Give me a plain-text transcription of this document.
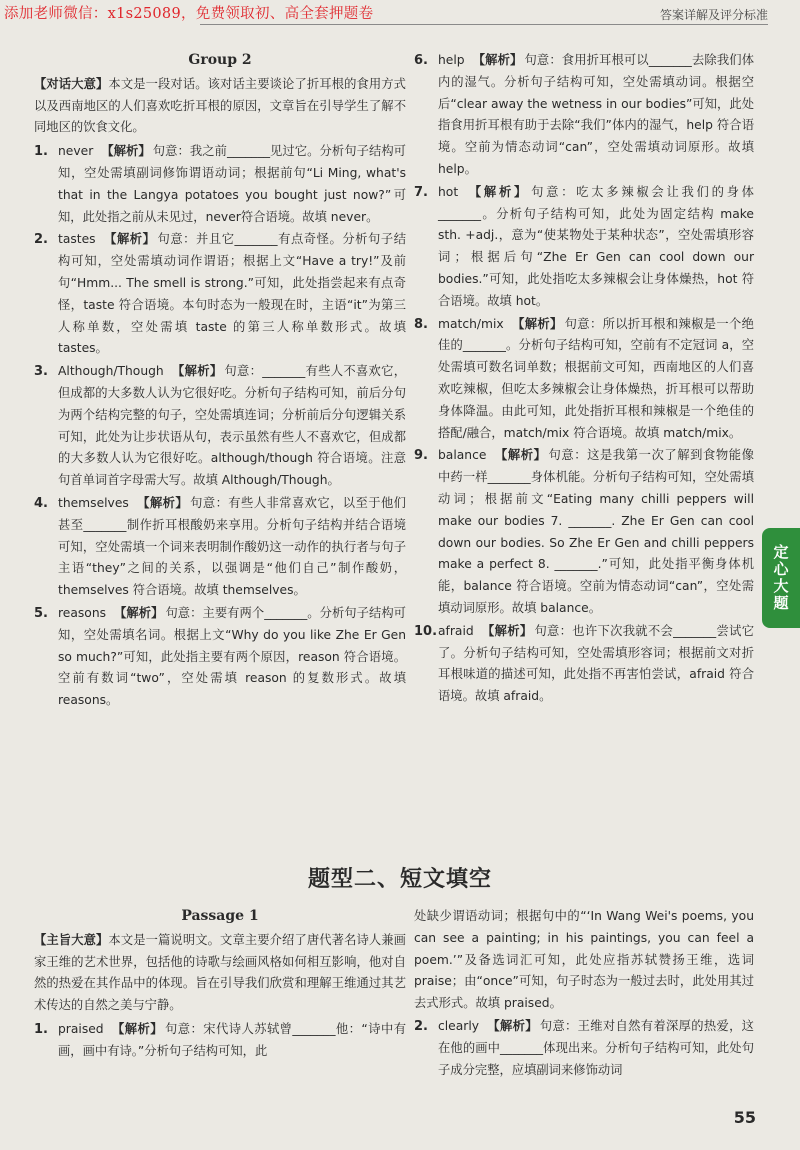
添加老师微信：x1s25089，免费领取初、高全套押题卷	答案详解及评分标准
Group 2
【对话大意】本文是一段对话。该对话主要谈论了折耳根的食用方式以及西南地区的人们喜欢吃折耳根的原因，文章旨在引导学生了解不同地区的饮食文化。
1. never 【解析】 句意：我之前_______见过它。分析句子结构可知，空处需填副词修饰谓语动词；根据前句“Li Ming, what's that in the Langya potatoes you bought just now?”可知，此处指之前从未见过，never符合语境。故填 never。
2. tastes 【解析】 句意：并且它_______有点奇怪。分析句子结构可知，空处需填动词作谓语；根据上文“Have a try!”及前句“Hmm... The smell is strong.”可知，此处指尝起来有点奇怪，taste 符合语境。本句时态为一般现在时，主语“it”为第三人称单数，空处需填 taste 的第三人称单数形式。故填 tastes。
3. Although/Though 【解析】 句意：_______有些人不喜欢它，但成都的大多数人认为它很好吃。分析句子结构可知，前后分句为两个结构完整的句子，空处需填连词；分析前后分句逻辑关系可知，此处为让步状语从句，表示虽然有些人不喜欢它，但成都的大多数人认为它很好吃。although/though 符合语境。注意句首单词首字母需大写。故填 Although/Though。
4. themselves 【解析】 句意：有些人非常喜欢它，以至于他们甚至_______制作折耳根酸奶来享用。分析句子结构并结合语境可知，空处需填一个词来表明制作酸奶这一动作的执行者与句子主语“they”之间的关系，以强调是“他们自己”制作酸奶，themselves 符合语境。故填 themselves。
5. reasons 【解析】 句意：主要有两个_______。分析句子结构可知，空处需填名词。根据上文“Why do you like Zhe Er Gen so much?”可知，此处指主要有两个原因，reason 符合语境。空前有数词“two”，空处需填 reason 的复数形式。故填 reasons。
6. help 【解析】 句意：食用折耳根可以_______去除我们体内的湿气。分析句子结构可知，空处需填动词。根据空后“clear away the wetness in our bodies”可知，此处指食用折耳根有助于去除“我们”体内的湿气，help 符合语境。空前为情态动词“can”，空处需填动词原形。故填 help。
7. hot 【解析】 句意：吃太多辣椒会让我们的身体_______。分析句子结构可知，此处为固定结构 make sth. +adj.，意为“使某物处于某种状态”，空处需填形容词；根据后句“Zhe Er Gen can cool down our bodies.”可知，此处指吃太多辣椒会让身体燥热，hot 符合语境。故填 hot。
8. match/mix 【解析】 句意：所以折耳根和辣椒是一个绝佳的_______。分析句子结构可知，空前有不定冠词 a，空处需填可数名词单数；根据前文可知，西南地区的人们喜欢吃辣椒，但吃太多辣椒会让身体燥热，折耳根可以帮助身体降温。由此可知，此处指折耳根和辣椒是一个绝佳的搭配/融合，match/mix 符合语境。故填 match/mix。
9. balance 【解析】 句意：这是我第一次了解到食物能像中药一样_______身体机能。分析句子结构可知，空处需填动词；根据前文“Eating many chilli peppers will make our bodies 7. _______. Zhe Er Gen can cool down our bodies. So Zhe Er Gen and chilli peppers make a perfect 8. _______.”可知，此处指平衡身体机能，balance 符合语境。空前为情态动词“can”，空处需填动词原形。故填 balance。
10. afraid 【解析】 句意：也许下次我就不会_______尝试它了。分析句子结构可知，空处需填形容词；根据前文对折耳根味道的描述可知，此处指不再害怕尝试，afraid 符合语境。故填 afraid。
定心大题
题型二、短文填空
Passage 1
【主旨大意】本文是一篇说明文。文章主要介绍了唐代著名诗人兼画家王维的艺术世界，包括他的诗歌与绘画风格如何相互影响，他对自然的热爱在其作品中的体现。旨在引导我们欣赏和理解王维通过其艺术传达的自然之美与宁静。
1. praised 【解析】 句意：宋代诗人苏轼曾_______他：“诗中有画，画中有诗。”分析句子结构可知，此
处缺少谓语动词；根据句中的“‘In Wang Wei's poems, you can see a painting; in his paintings, you can feel a poem.’”及备选词汇可知，此处应指苏轼赞扬王维，选词 praise；由“once”可知，句子时态为一般过去时，此处用其过去式形式。故填 praised。
2. clearly 【解析】 句意：王维对自然有着深厚的热爱，这在他的画中_______体现出来。分析句子结构可知，此处句子成分完整，应填副词来修饰动词
55
